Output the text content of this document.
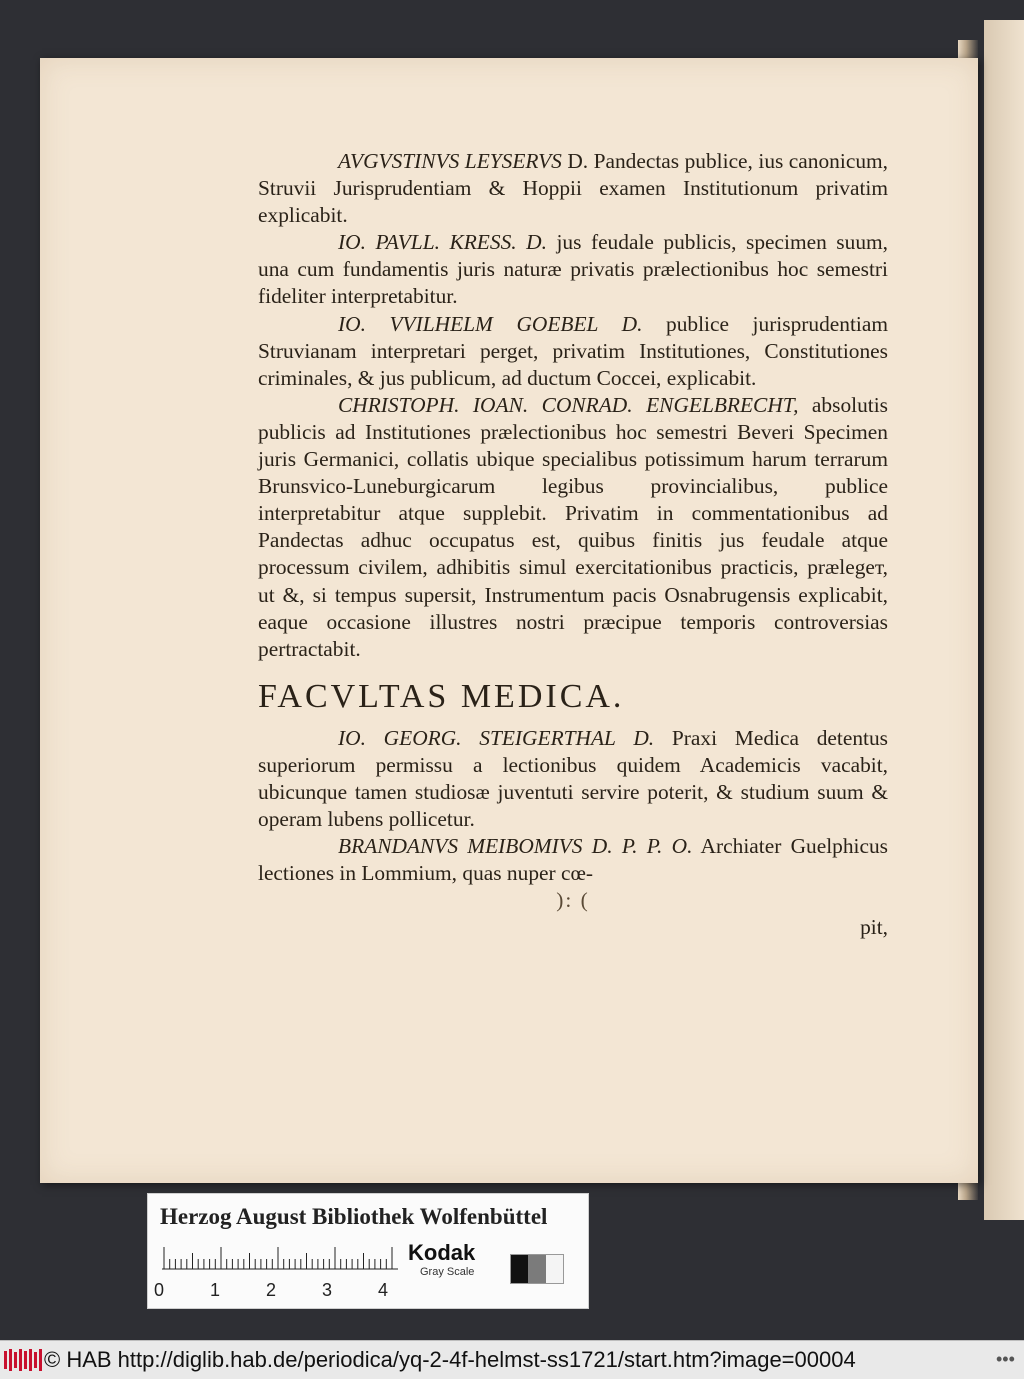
AVGVSTINVS LEYSERVS D. Pandectas publice, ius canonicum, Struvii Jurisprudentiam & Hoppii examen Institutionum privatim explicabit.

IO. PAVLL. KRESS. D. jus feudale publicis, specimen suum, una cum fundamentis juris naturæ privatis prælectionibus hoc semestri fideliter interpretabitur.

IO. VVILHELM GOEBEL D. publice jurisprudentiam Struvianam interpretari perget, privatim Institutiones, Constitutiones criminales, & jus publicum, ad ductum Coccei, explicabit.

CHRISTOPH. IOAN. CONRAD. ENGELBRECHT, absolutis publicis ad Institutiones prælectionibus hoc semestri Beveri Specimen juris Germanici, collatis ubique specialibus potissimum harum terrarum Brunsvico-Luneburgicarum legibus provincialibus, publice interpretabitur atque supplebit. Privatim in commentationibus ad Pandectas adhuc occupatus est, quibus finitis jus feudale atque processum civilem, adhibitis simul exercitationibus practicis, prælegeт, ut &, si tempus supersit, Instrumentum pacis Osnabrugensis explicabit, eaque occasione illustres nostri præcipue temporis controversias pertractabit.

FACVLTAS MEDICA.

IO. GEORG. STEIGERTHAL D. Praxi Medica detentus superiorum permissu a lectionibus quidem Academicis vacabit, ubicunque tamen studiosæ juventuti servire poterit, & studium suum & operam lubens pollicetur.

BRANDANVS MEIBOMIVS D. P. P. O. Archiater Guelphicus lectiones in Lommium, quas nuper cœ-

): (

pit,

Herzog August Bibliothek Wolfenbüttel
0	1	2	3	4
Kodak
Gray Scale
© HAB http://diglib.hab.de/periodica/yq-2-4f-helmst-ss1721/start.htm?image=00004	•••
